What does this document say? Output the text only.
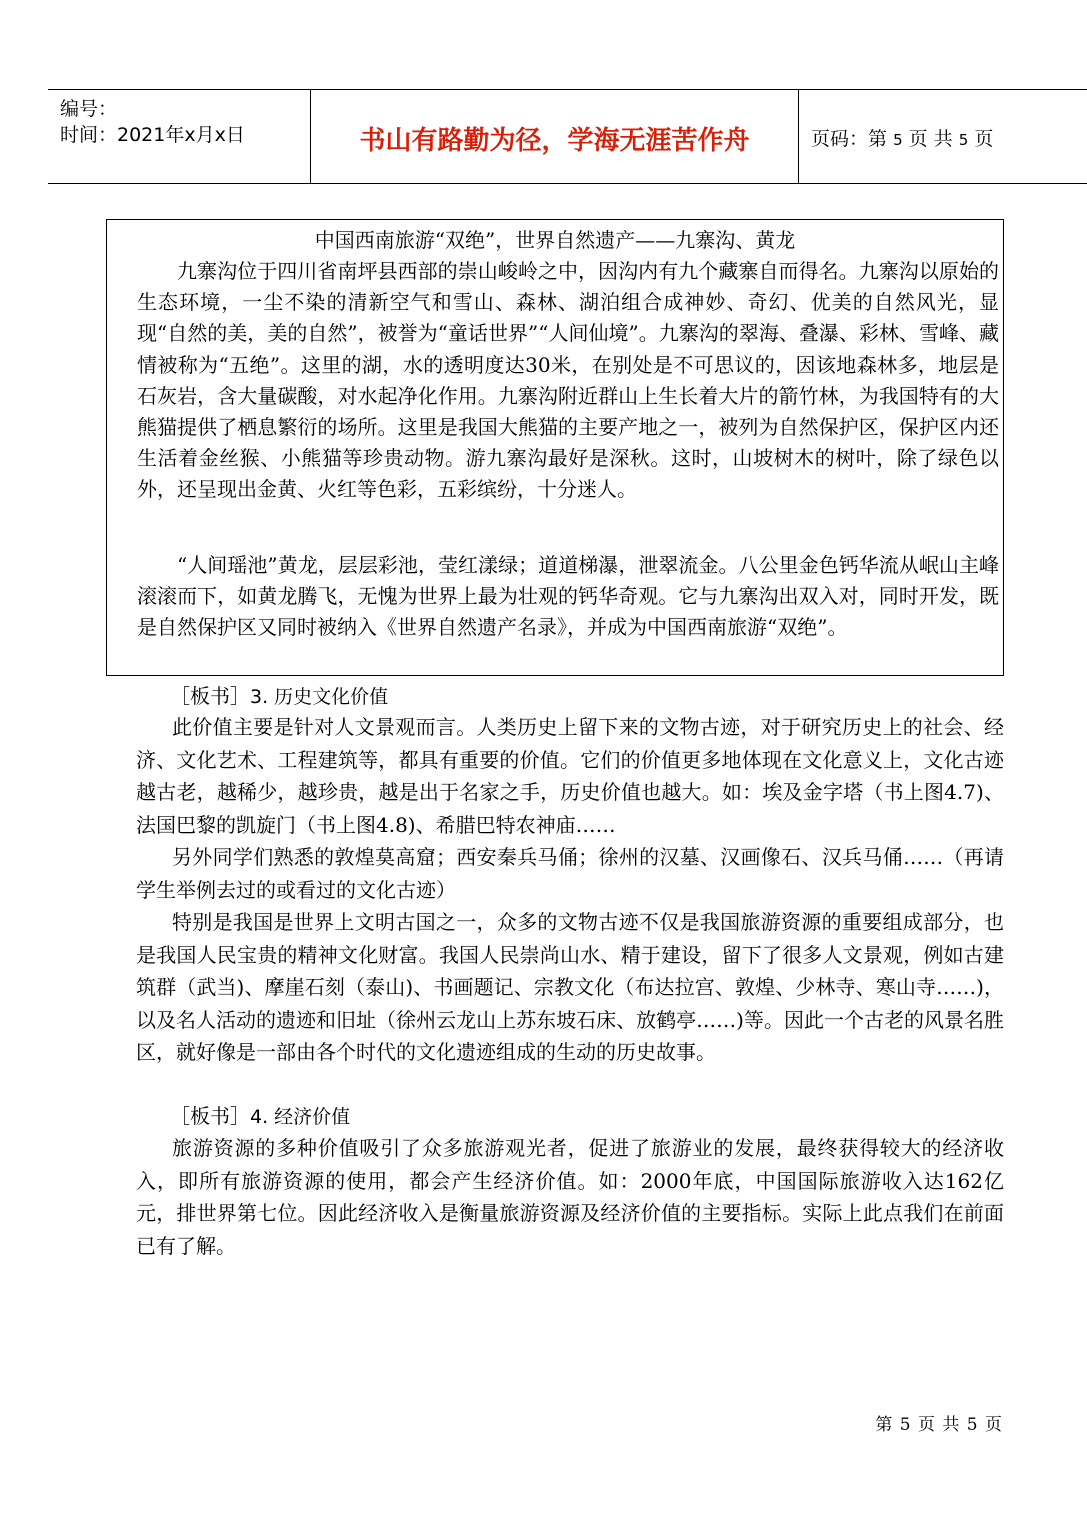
编号：
时间：2021年x月x日	书山有路勤为径，学海无涯苦作舟	页码：第 5 页 共 5 页
中国西南旅游“双绝”，世界自然遗产——九寨沟、黄龙

九寨沟位于四川省南坪县西部的崇山峻岭之中，因沟内有九个藏寨自而得名。九寨沟以原始的生态环境，一尘不染的清新空气和雪山、森林、湖泊组合成神妙、奇幻、优美的自然风光，显现“自然的美，美的自然”，被誉为“童话世界”“人间仙境”。九寨沟的翠海、叠瀑、彩林、雪峰、藏情被称为“五绝”。这里的湖，水的透明度达30米，在别处是不可思议的，因该地森林多，地层是石灰岩，含大量碳酸，对水起净化作用。九寨沟附近群山上生长着大片的箭竹林，为我国特有的大熊猫提供了栖息繁衍的场所。这里是我国大熊猫的主要产地之一，被列为自然保护区，保护区内还生活着金丝猴、小熊猫等珍贵动物。游九寨沟最好是深秋。这时，山坡树木的树叶，除了绿色以外，还呈现出金黄、火红等色彩，五彩缤纷，十分迷人。

“人间瑶池”黄龙，层层彩池，莹红漾绿；道道梯瀑，泄翠流金。八公里金色钙华流从岷山主峰滚滚而下，如黄龙腾飞，无愧为世界上最为壮观的钙华奇观。它与九寨沟出双入对，同时开发，既是自然保护区又同时被纳入《世界自然遗产名录》，并成为中国西南旅游“双绝”。

［板书］3. 历史文化价值

此价值主要是针对人文景观而言。人类历史上留下来的文物古迹，对于研究历史上的社会、经济、文化艺术、工程建筑等，都具有重要的价值。它们的价值更多地体现在文化意义上，文化古迹越古老，越稀少，越珍贵，越是出于名家之手，历史价值也越大。如：埃及金字塔（书上图4.7)、法国巴黎的凯旋门（书上图4.8)、希腊巴特农神庙……

另外同学们熟悉的敦煌莫高窟；西安秦兵马俑；徐州的汉墓、汉画像石、汉兵马俑……（再请学生举例去过的或看过的文化古迹）

特别是我国是世界上文明古国之一，众多的文物古迹不仅是我国旅游资源的重要组成部分，也是我国人民宝贵的精神文化财富。我国人民崇尚山水、精于建设，留下了很多人文景观，例如古建筑群（武当)、摩崖石刻（泰山)、书画题记、宗教文化（布达拉宫、敦煌、少林寺、寒山寺……)，以及名人活动的遗迹和旧址（徐州云龙山上苏东坡石床、放鹤亭……)等。因此一个古老的风景名胜区，就好像是一部由各个时代的文化遗迹组成的生动的历史故事。

［板书］4. 经济价值

旅游资源的多种价值吸引了众多旅游观光者，促进了旅游业的发展，最终获得较大的经济收入，即所有旅游资源的使用，都会产生经济价值。如：2000年底，中国国际旅游收入达162亿元，排世界第七位。因此经济收入是衡量旅游资源及经济价值的主要指标。实际上此点我们在前面已有了解。

第 5 页 共 5 页
